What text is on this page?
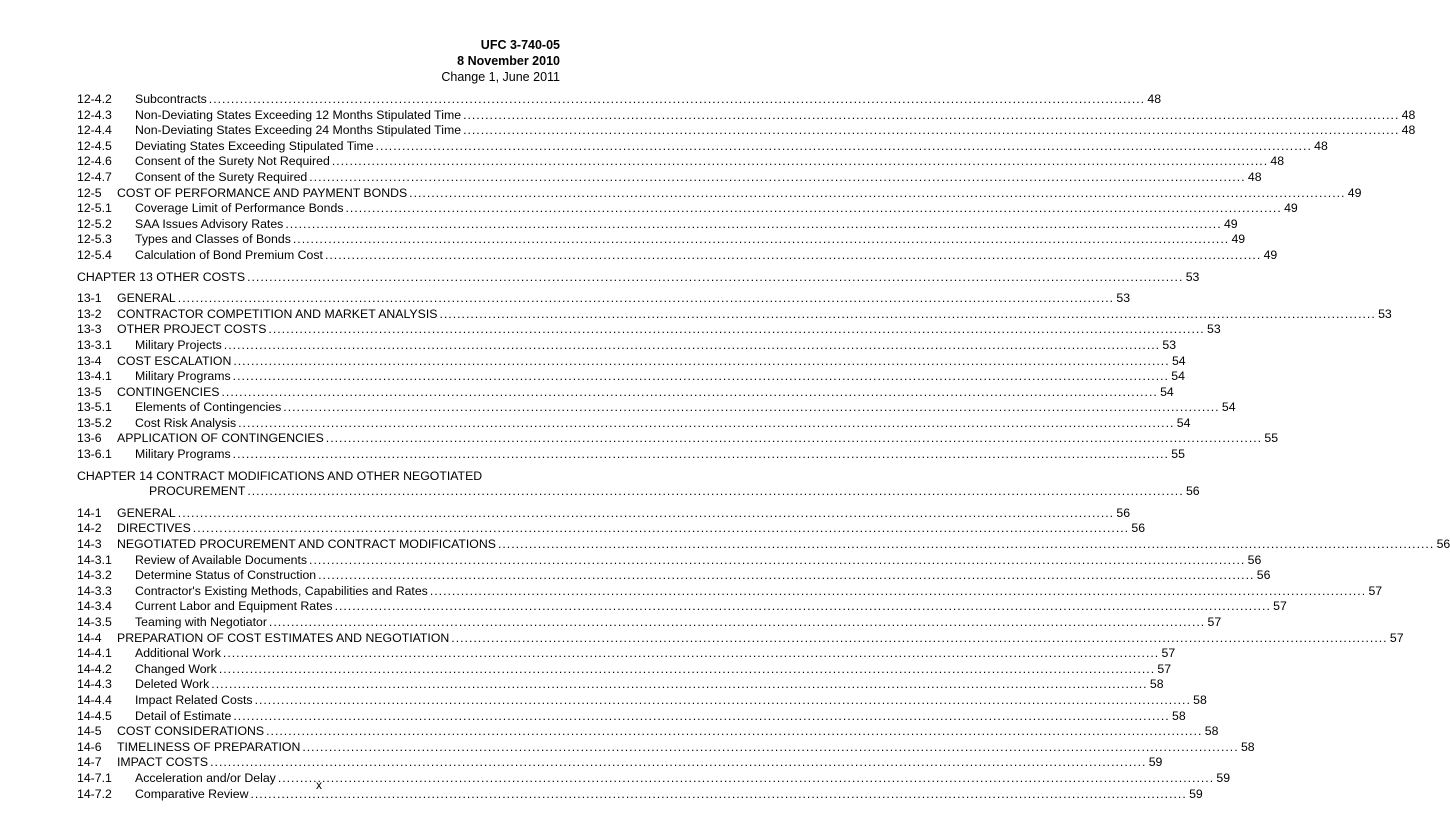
UFC 3-740-05
8 November 2010
Change 1, June 2011
12-4.2	Subcontracts .....	48
12-4.3	Non-Deviating States Exceeding 12 Months Stipulated Time .....	48
12-4.4	Non-Deviating States Exceeding 24 Months Stipulated Time .....	48
12-4.5	Deviating States Exceeding Stipulated Time .....	48
12-4.6	Consent of the Surety Not Required .....	48
12-4.7	Consent of the Surety Required .....	48
12-5	COST OF PERFORMANCE AND PAYMENT BONDS .....	49
12-5.1	Coverage Limit of Performance Bonds .....	49
12-5.2	SAA Issues Advisory Rates .....	49
12-5.3	Types and Classes of Bonds .....	49
12-5.4	Calculation of Bond Premium Cost .....	49
CHAPTER 13 OTHER COSTS .....	53
13-1	GENERAL .....	53
13-2	CONTRACTOR COMPETITION AND MARKET ANALYSIS .....	53
13-3	OTHER PROJECT COSTS .....	53
13-3.1	Military Projects .....	53
13-4	COST ESCALATION .....	54
13-4.1	Military Programs .....	54
13-5	CONTINGENCIES .....	54
13-5.1	Elements of Contingencies .....	54
13-5.2	Cost Risk Analysis .....	54
13-6	APPLICATION OF CONTINGENCIES .....	55
13-6.1	Military Programs .....	55
CHAPTER 14 CONTRACT MODIFICATIONS AND OTHER NEGOTIATED
PROCUREMENT .....	56
14-1	GENERAL .....	56
14-2	DIRECTIVES .....	56
14-3	NEGOTIATED PROCUREMENT AND CONTRACT MODIFICATIONS .....	56
14-3.1	Review of Available Documents .....	56
14-3.2	Determine Status of Construction .....	56
14-3.3	Contractor's Existing Methods, Capabilities and Rates .....	57
14-3.4	Current Labor and Equipment Rates .....	57
14-3.5	Teaming with Negotiator .....	57
14-4	PREPARATION OF COST ESTIMATES AND NEGOTIATION .....	57
14-4.1	Additional Work .....	57
14-4.2	Changed Work .....	57
14-4.3	Deleted Work .....	58
14-4.4	Impact Related Costs .....	58
14-4.5	Detail of Estimate .....	58
14-5	COST CONSIDERATIONS .....	58
14-6	TIMELINESS OF PREPARATION .....	58
14-7	IMPACT COSTS .....	59
14-7.1	Acceleration and/or Delay .....	59
14-7.2	Comparative Review .....	59
x
